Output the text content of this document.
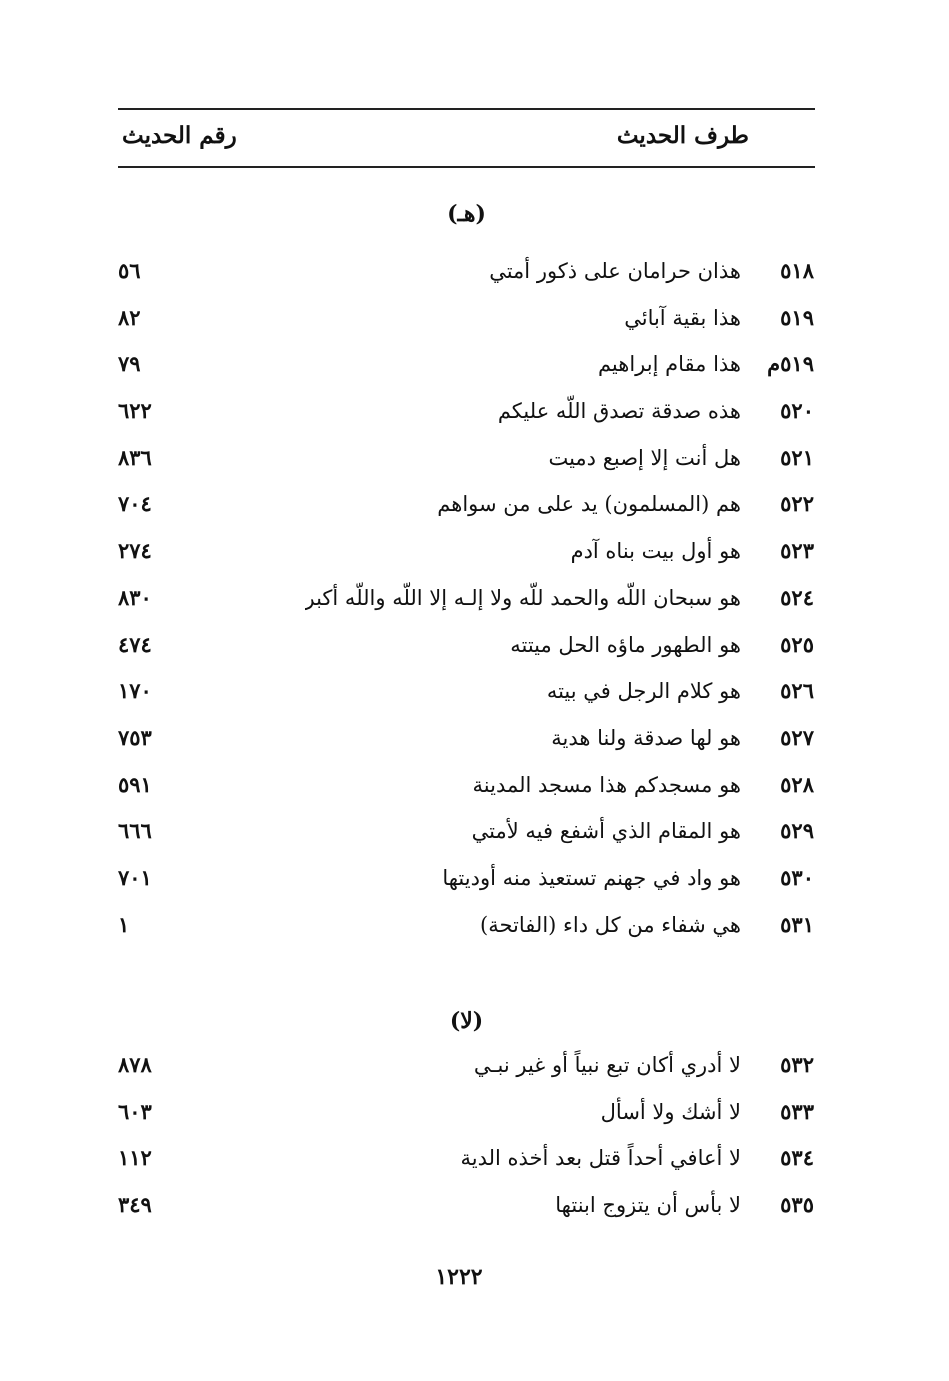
طرف الحديث
رقم الحديث
(هـ)
٥١٨
هذان حرامان على ذكور أمتي
٥٦
٥١٩
هذا بقية آبائي
٨٢
٥١٩م
هذا مقام إبراهيم
٧٩
٥٢٠
هذه صدقة تصدق اللّه عليكم
٦٢٢
٥٢١
هل أنت إلا إصبع دميت
٨٣٦
٥٢٢
هم (المسلمون) يد على من سواهم
٧٠٤
٥٢٣
هو أول بيت بناه آدم
٢٧٤
٥٢٤
هو سبحان اللّه والحمد للّه ولا إلـه إلا اللّه واللّه أكبر
٨٣٠
٥٢٥
هو الطهور ماؤه الحل ميتته
٤٧٤
٥٢٦
هو كلام الرجل في بيته
١٧٠
٥٢٧
هو لها صدقة ولنا هدية
٧٥٣
٥٢٨
هو مسجدكم هذا مسجد المدينة
٥٩١
٥٢٩
هو المقام الذي أشفع فيه لأمتي
٦٦٦
٥٣٠
هو واد في جهنم تستعيذ منه أوديتها
٧٠١
٥٣١
هي شفاء من كل داء (الفاتحة)
١
(لا)
٥٣٢
لا أدري أكان تبع نبياً أو غير نبـي
٨٧٨
٥٣٣
لا أشك ولا أسأل
٦٠٣
٥٣٤
لا أعافي أحداً قتل بعد أخذه الدية
١١٢
٥٣٥
لا بأس أن يتزوج ابنتها
٣٤٩
١٢٢٢
